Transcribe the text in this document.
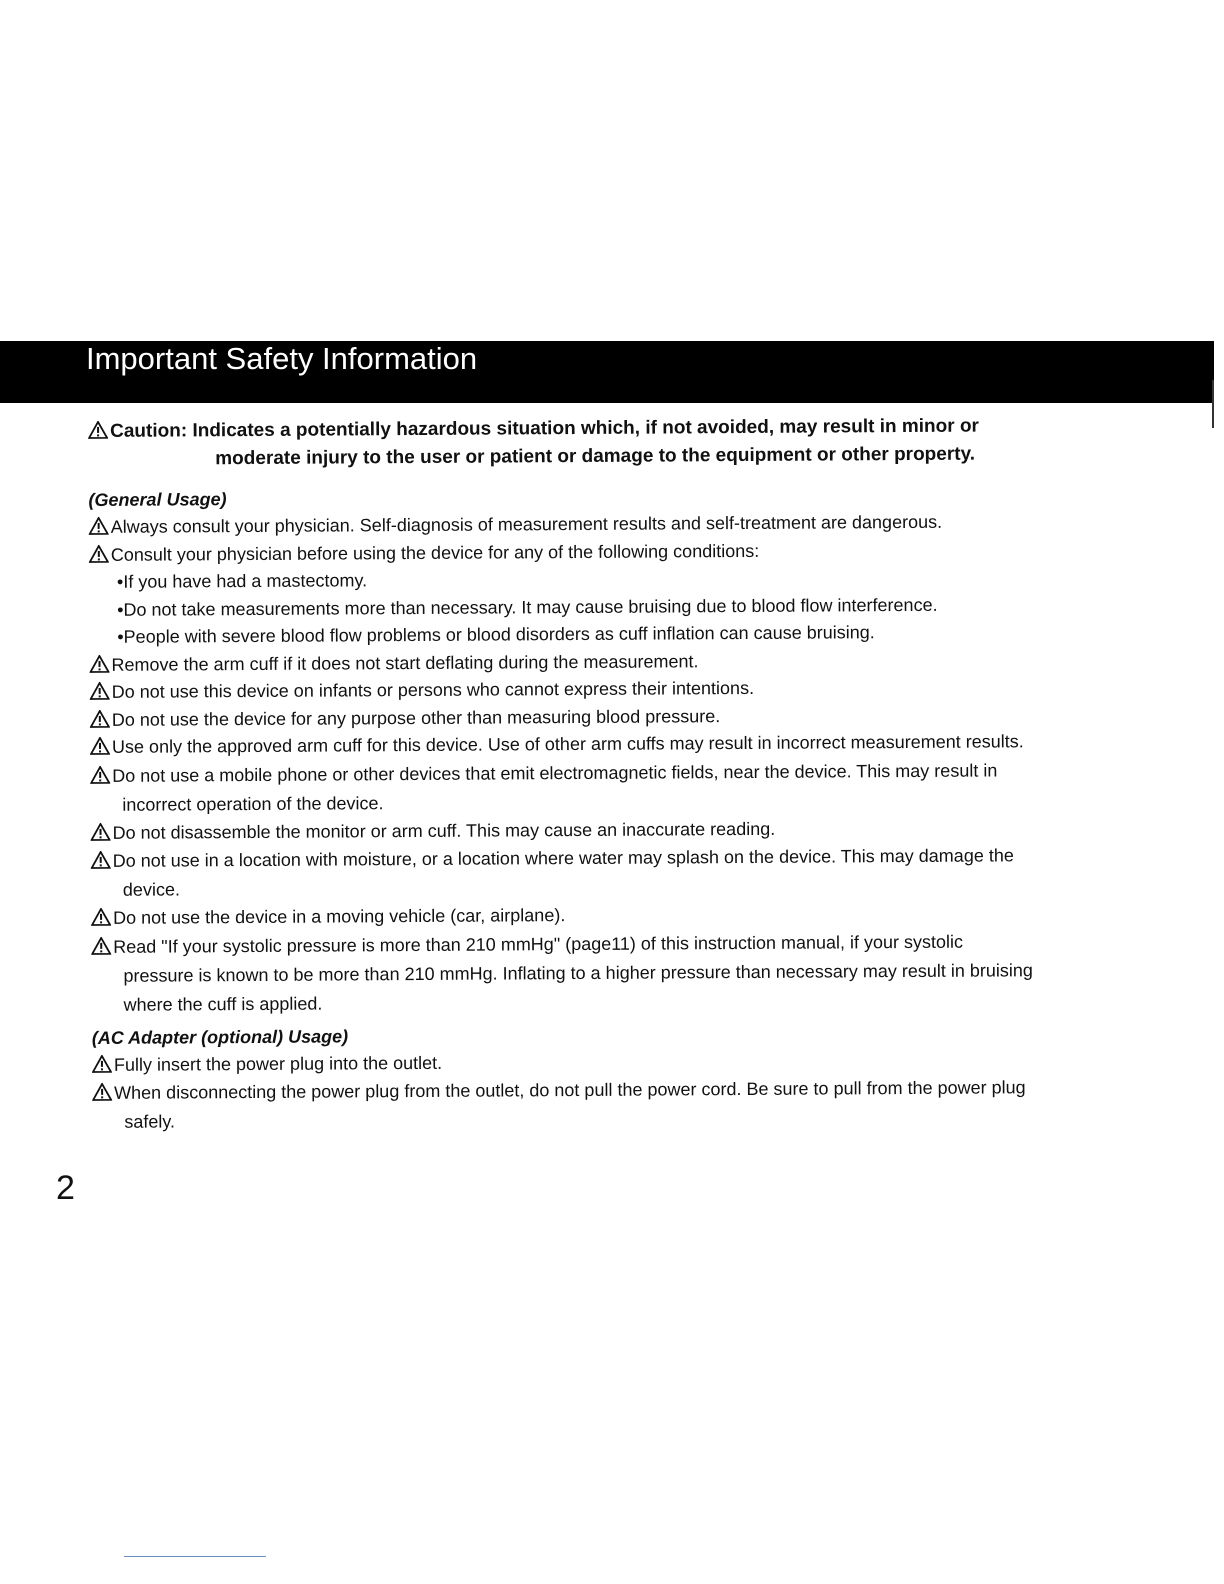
Important Safety Information
Caution: Indicates a potentially hazardous situation which, if not avoided, may result in minor or
moderate injury to the user or patient or damage to the equipment or other property.
(General Usage)
Always consult your physician. Self-diagnosis of measurement results and self-treatment are dangerous.
Consult your physician before using the device for any of the following conditions:
•If you have had a mastectomy.
•Do not take measurements more than necessary. It may cause bruising due to blood flow interference.
•People with severe blood flow problems or blood disorders as cuff inflation can cause bruising.
Remove the arm cuff if it does not start deflating during the measurement.
Do not use this device on infants or persons who cannot express their intentions.
Do not use the device for any purpose other than measuring blood pressure.
Use only the approved arm cuff for this device. Use of other arm cuffs may result in incorrect measurement results.
Do not use a mobile phone or other devices that emit electromagnetic fields, near the device. This may result in
incorrect operation of the device.
Do not disassemble the monitor or arm cuff. This may cause an inaccurate reading.
Do not use in a location with moisture, or a location where water may splash on the device. This may damage the
device.
Do not use the device in a moving vehicle (car, airplane).
Read "If your systolic pressure is more than 210 mmHg" (page11) of this instruction manual, if your systolic
pressure is known to be more than 210 mmHg. Inflating to a higher pressure than necessary may result in bruising
where the cuff is applied.
(AC Adapter (optional) Usage)
Fully insert the power plug into the outlet.
When disconnecting the power plug from the outlet, do not pull the power cord. Be sure to pull from the power plug
safely.
2
